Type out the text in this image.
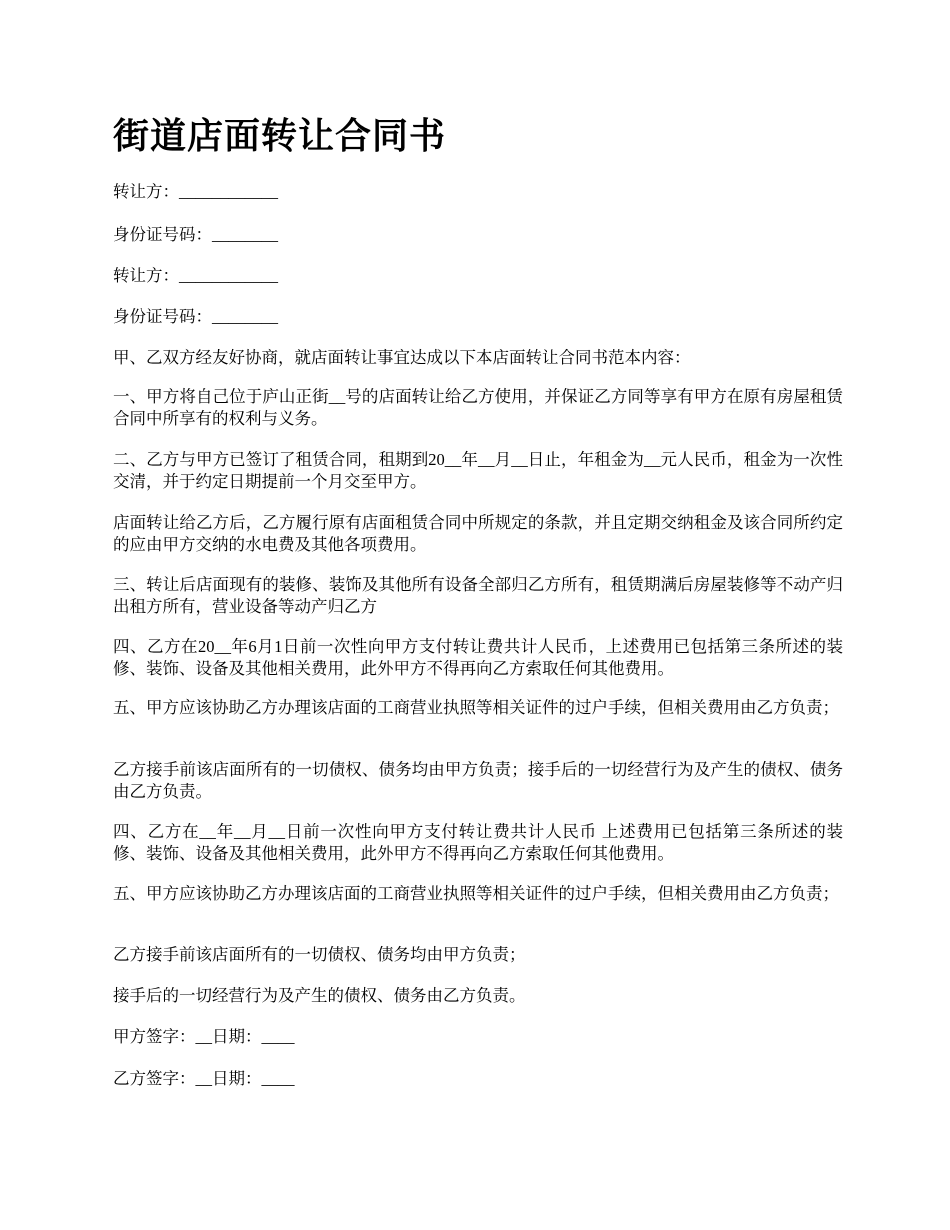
街道店面转让合同书

转让方：____________

身份证号码：________

转让方：____________

身份证号码：________

甲、乙双方经友好协商，就店面转让事宜达成以下本店面转让合同书范本内容：

一、甲方将自己位于庐山正街__号的店面转让给乙方使用，并保证乙方同等享有甲方在原有房屋租赁合同中所享有的权利与义务。

二、乙方与甲方已签订了租赁合同，租期到20__年__月__日止，年租金为__元人民币，租金为一次性交清，并于约定日期提前一个月交至甲方。

店面转让给乙方后，乙方履行原有店面租赁合同中所规定的条款，并且定期交纳租金及该合同所约定的应由甲方交纳的水电费及其他各项费用。

三、转让后店面现有的装修、装饰及其他所有设备全部归乙方所有，租赁期满后房屋装修等不动产归出租方所有，营业设备等动产归乙方

四、乙方在20__年6月1日前一次性向甲方支付转让费共计人民币，上述费用已包括第三条所述的装修、装饰、设备及其他相关费用，此外甲方不得再向乙方索取任何其他费用。

五、甲方应该协助乙方办理该店面的工商营业执照等相关证件的过户手续，但相关费用由乙方负责；

乙方接手前该店面所有的一切债权、债务均由甲方负责；接手后的一切经营行为及产生的债权、债务由乙方负责。

四、乙方在__年__月__日前一次性向甲方支付转让费共计人民币 上述费用已包括第三条所述的装修、装饰、设备及其他相关费用，此外甲方不得再向乙方索取任何其他费用。

五、甲方应该协助乙方办理该店面的工商营业执照等相关证件的过户手续，但相关费用由乙方负责；

乙方接手前该店面所有的一切债权、债务均由甲方负责；

接手后的一切经营行为及产生的债权、债务由乙方负责。

甲方签字：__日期：____

乙方签字：__日期：____
